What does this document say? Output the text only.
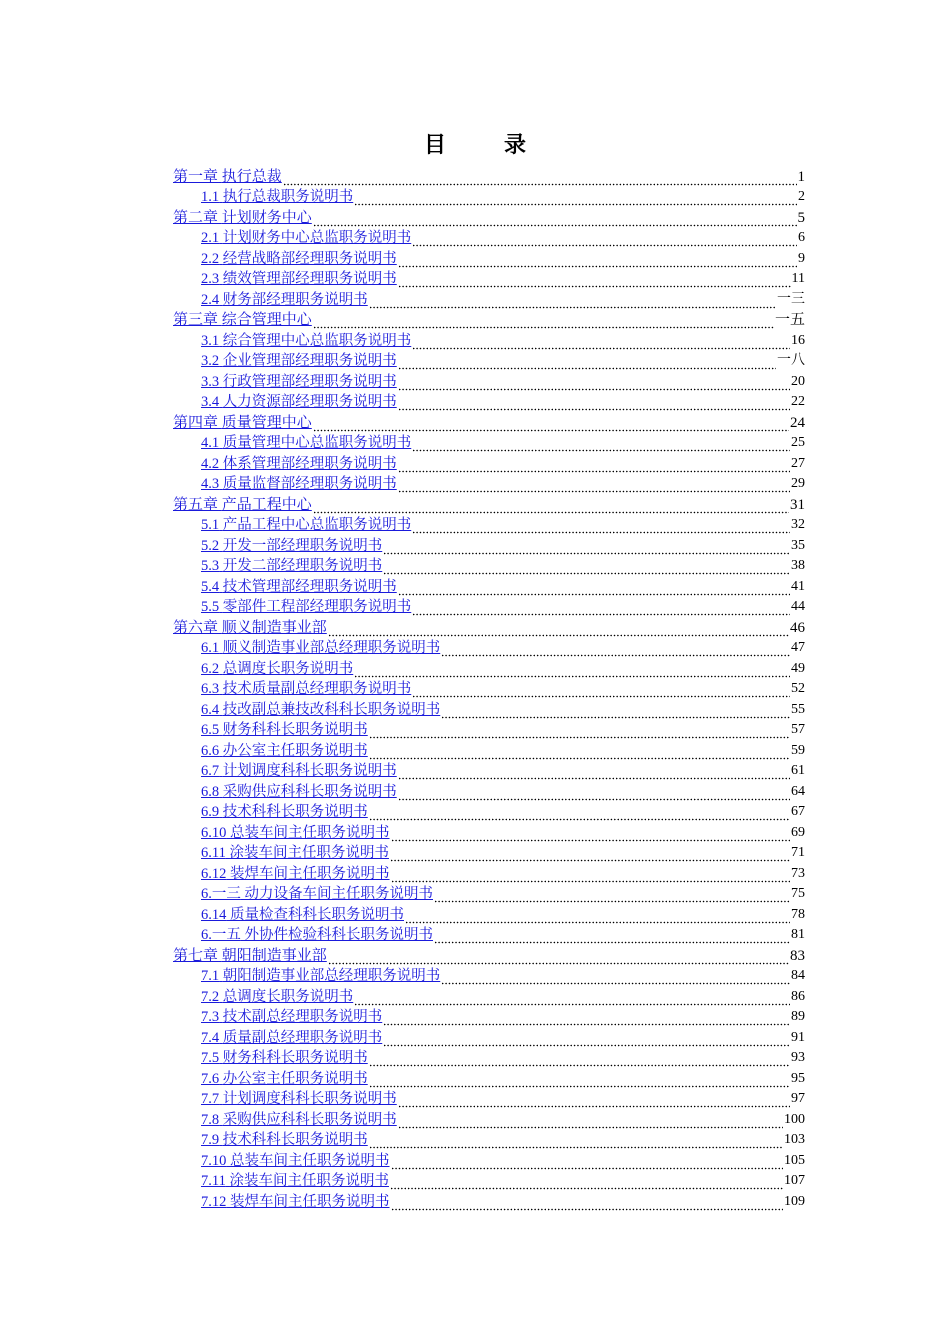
目　录
第一章 执行总裁	1
1.1 执行总裁职务说明书	2
第二章 计划财务中心	5
2.1 计划财务中心总监职务说明书	6
2.2 经营战略部经理职务说明书	9
2.3 绩效管理部经理职务说明书	11
2.4 财务部经理职务说明书	一三
第三章 综合管理中心	一五
3.1 综合管理中心总监职务说明书	16
3.2 企业管理部经理职务说明书	一八
3.3 行政管理部经理职务说明书	20
3.4 人力资源部经理职务说明书	22
第四章 质量管理中心	24
4.1 质量管理中心总监职务说明书	25
4.2 体系管理部经理职务说明书	27
4.3 质量监督部经理职务说明书	29
第五章 产品工程中心	31
5.1 产品工程中心总监职务说明书	32
5.2 开发一部经理职务说明书	35
5.3 开发二部经理职务说明书	38
5.4 技术管理部经理职务说明书	41
5.5 零部件工程部经理职务说明书	44
第六章 顺义制造事业部	46
6.1 顺义制造事业部总经理职务说明书	47
6.2 总调度长职务说明书	49
6.3 技术质量副总经理职务说明书	52
6.4 技改副总兼技改科科长职务说明书	55
6.5 财务科科长职务说明书	57
6.6 办公室主任职务说明书	59
6.7 计划调度科科长职务说明书	61
6.8 采购供应科科长职务说明书	64
6.9 技术科科长职务说明书	67
6.10 总装车间主任职务说明书	69
6.11 涂装车间主任职务说明书	71
6.12 装焊车间主任职务说明书	73
6.一三 动力设备车间主任职务说明书	75
6.14 质量检查科科长职务说明书	78
6.一五 外协件检验科科长职务说明书	81
第七章 朝阳制造事业部	83
7.1 朝阳制造事业部总经理职务说明书	84
7.2 总调度长职务说明书	86
7.3 技术副总经理职务说明书	89
7.4 质量副总经理职务说明书	91
7.5 财务科科长职务说明书	93
7.6 办公室主任职务说明书	95
7.7 计划调度科科长职务说明书	97
7.8 采购供应科科长职务说明书	100
7.9 技术科科长职务说明书	103
7.10 总装车间主任职务说明书	105
7.11 涂装车间主任职务说明书	107
7.12 装焊车间主任职务说明书	109
